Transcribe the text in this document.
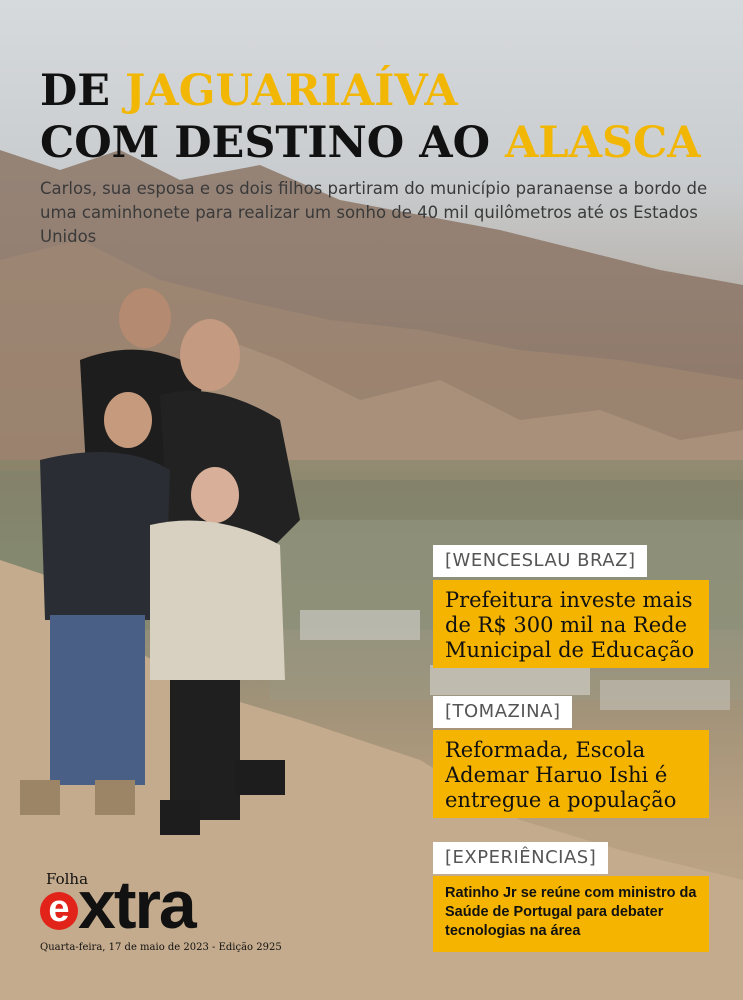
DE JAGUARIAÍVA
COM DESTINO AO ALASCA
Carlos, sua esposa e os dois filhos partiram do município paranaense a bordo de uma caminhonete para realizar um sonho de 40 mil quilômetros até os Estados Unidos
[WENCESLAU BRAZ]
Prefeitura investe mais de R$ 300 mil na Rede Municipal de Educação
[TOMAZINA]
Reformada, Escola Ademar Haruo Ishi é entregue a população
[EXPERIÊNCIAS]
Ratinho Jr se reúne com ministro da Saúde de Portugal para debater tecnologias na área
Folha
e xtra
Quarta-feira, 17 de maio de 2023 - Edição 2925
